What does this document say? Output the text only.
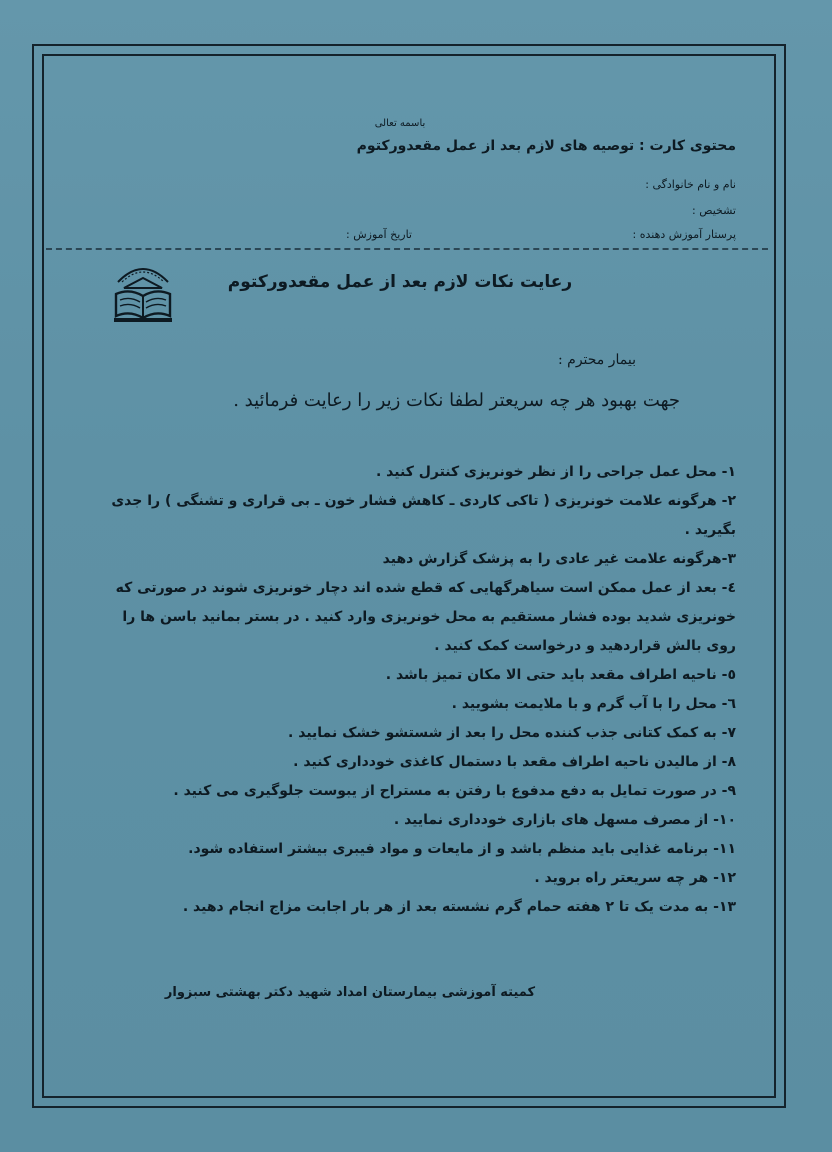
باسمه تعالی
محتوی کارت : توصیه های لازم بعد از عمل مقعدورکتوم
نام و نام خانوادگی :
تشخیص :
پرستار آموزش دهنده :
تاریخ آموزش :
رعایت نکات لازم بعد از عمل مقعدورکتوم
بیمار محترم :
جهت بهبود هر چه سریعتر لطفا نکات زیر را رعایت فرمائید .
۱- محل عمل جراحی را از نظر خونریزی کنترل کنید .
۲- هرگونه علامت خونریزی ( تاکی کاردی ـ کاهش فشار خون ـ بی قراری و تشنگی ) را جدی بگیرید .
۳-هرگونه علامت غیر عادی را به پزشک گزارش دهید
٤- بعد از عمل ممکن است سیاهرگهایی که قطع شده اند دچار خونریزی شوند در صورتی که خونریزی شدید بوده فشار مستقیم به محل خونریزی وارد کنید . در بستر بمانید باسن ها را روی بالش قراردهید و درخواست کمک کنید .
٥- ناحیه اطراف مقعد باید حتی الا مکان تمیز باشد .
٦- محل را با آب گرم و با ملایمت بشویید .
۷- به کمک کتانی جذب کننده محل را بعد از شستشو خشک نمایید .
۸- از مالیدن ناحیه اطراف مقعد با دستمال کاغذی خودداری کنید .
۹- در صورت تمایل به دفع مدفوع با رفتن به مستراح از یبوست جلوگیری می کنید .
۱۰- از مصرف مسهل های بازاری خودداری نمایید .
۱۱- برنامه غذایی باید منظم باشد و از مایعات و مواد فیبری بیشتر استفاده شود.
۱۲- هر چه سریعتر راه بروید .
۱۳- به مدت یک تا ۲ هفته حمام گرم نشسته بعد از هر بار اجابت مزاج انجام دهید .
کمیته آموزشی بیمارستان امداد شهید دکتر بهشتی سبزوار
